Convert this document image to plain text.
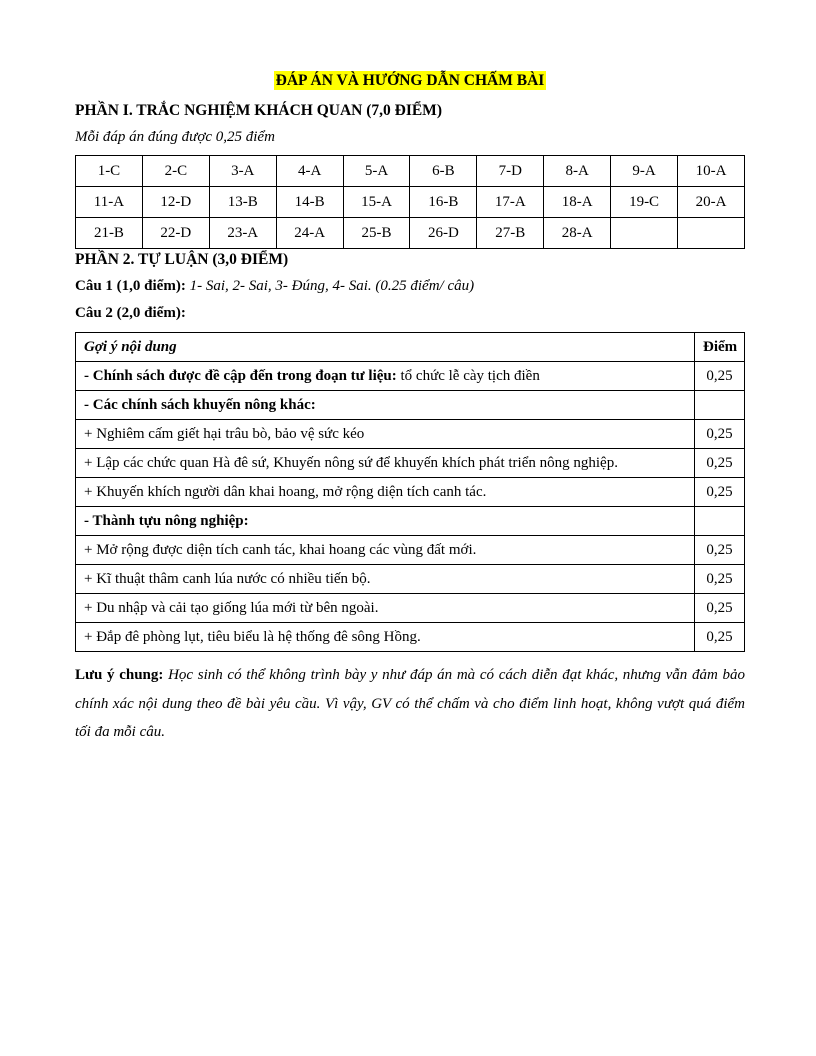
ĐÁP ÁN VÀ HƯỚNG DẪN CHẤM BÀI
PHẦN I. TRẮC NGHIỆM KHÁCH QUAN (7,0 ĐIỂM)
Mỗi đáp án đúng được 0,25 điểm
1-C	2-C	3-A	4-A	5-A	6-B	7-D	8-A	9-A	10-A
11-A	12-D	13-B	14-B	15-A	16-B	17-A	18-A	19-C	20-A
21-B	22-D	23-A	24-A	25-B	26-D	27-B	28-A		
PHẦN 2. TỰ LUẬN (3,0 ĐIỂM)
Câu 1 (1,0 điểm): 1- Sai, 2- Sai, 3- Đúng, 4- Sai. (0.25 điểm/ câu)
Câu 2 (2,0 điểm):
Gợi ý nội dung	Điểm
- Chính sách được đề cập đến trong đoạn tư liệu: tổ chức lễ cày tịch điền	0,25
- Các chính sách khuyến nông khác:	
+ Nghiêm cấm giết hại trâu bò, bảo vệ sức kéo	0,25
+ Lập các chức quan Hà đê sứ, Khuyến nông sứ để khuyến khích phát triển nông nghiệp.	0,25
+ Khuyến khích người dân khai hoang, mở rộng diện tích canh tác.	0,25
- Thành tựu nông nghiệp:	
+ Mở rộng được diện tích canh tác, khai hoang các vùng đất mới.	0,25
+ Kĩ thuật thâm canh lúa nước có nhiều tiến bộ.	0,25
+ Du nhập và cải tạo giống lúa mới từ bên ngoài.	0,25
+ Đắp đê phòng lụt, tiêu biểu là hệ thống đê sông Hồng.	0,25
Lưu ý chung: Học sinh có thể không trình bày y như đáp án mà có cách diễn đạt khác, nhưng vẫn đảm bảo chính xác nội dung theo đề bài yêu cầu. Vì vậy, GV có thể chấm và cho điểm linh hoạt, không vượt quá điểm tối đa mỗi câu.
